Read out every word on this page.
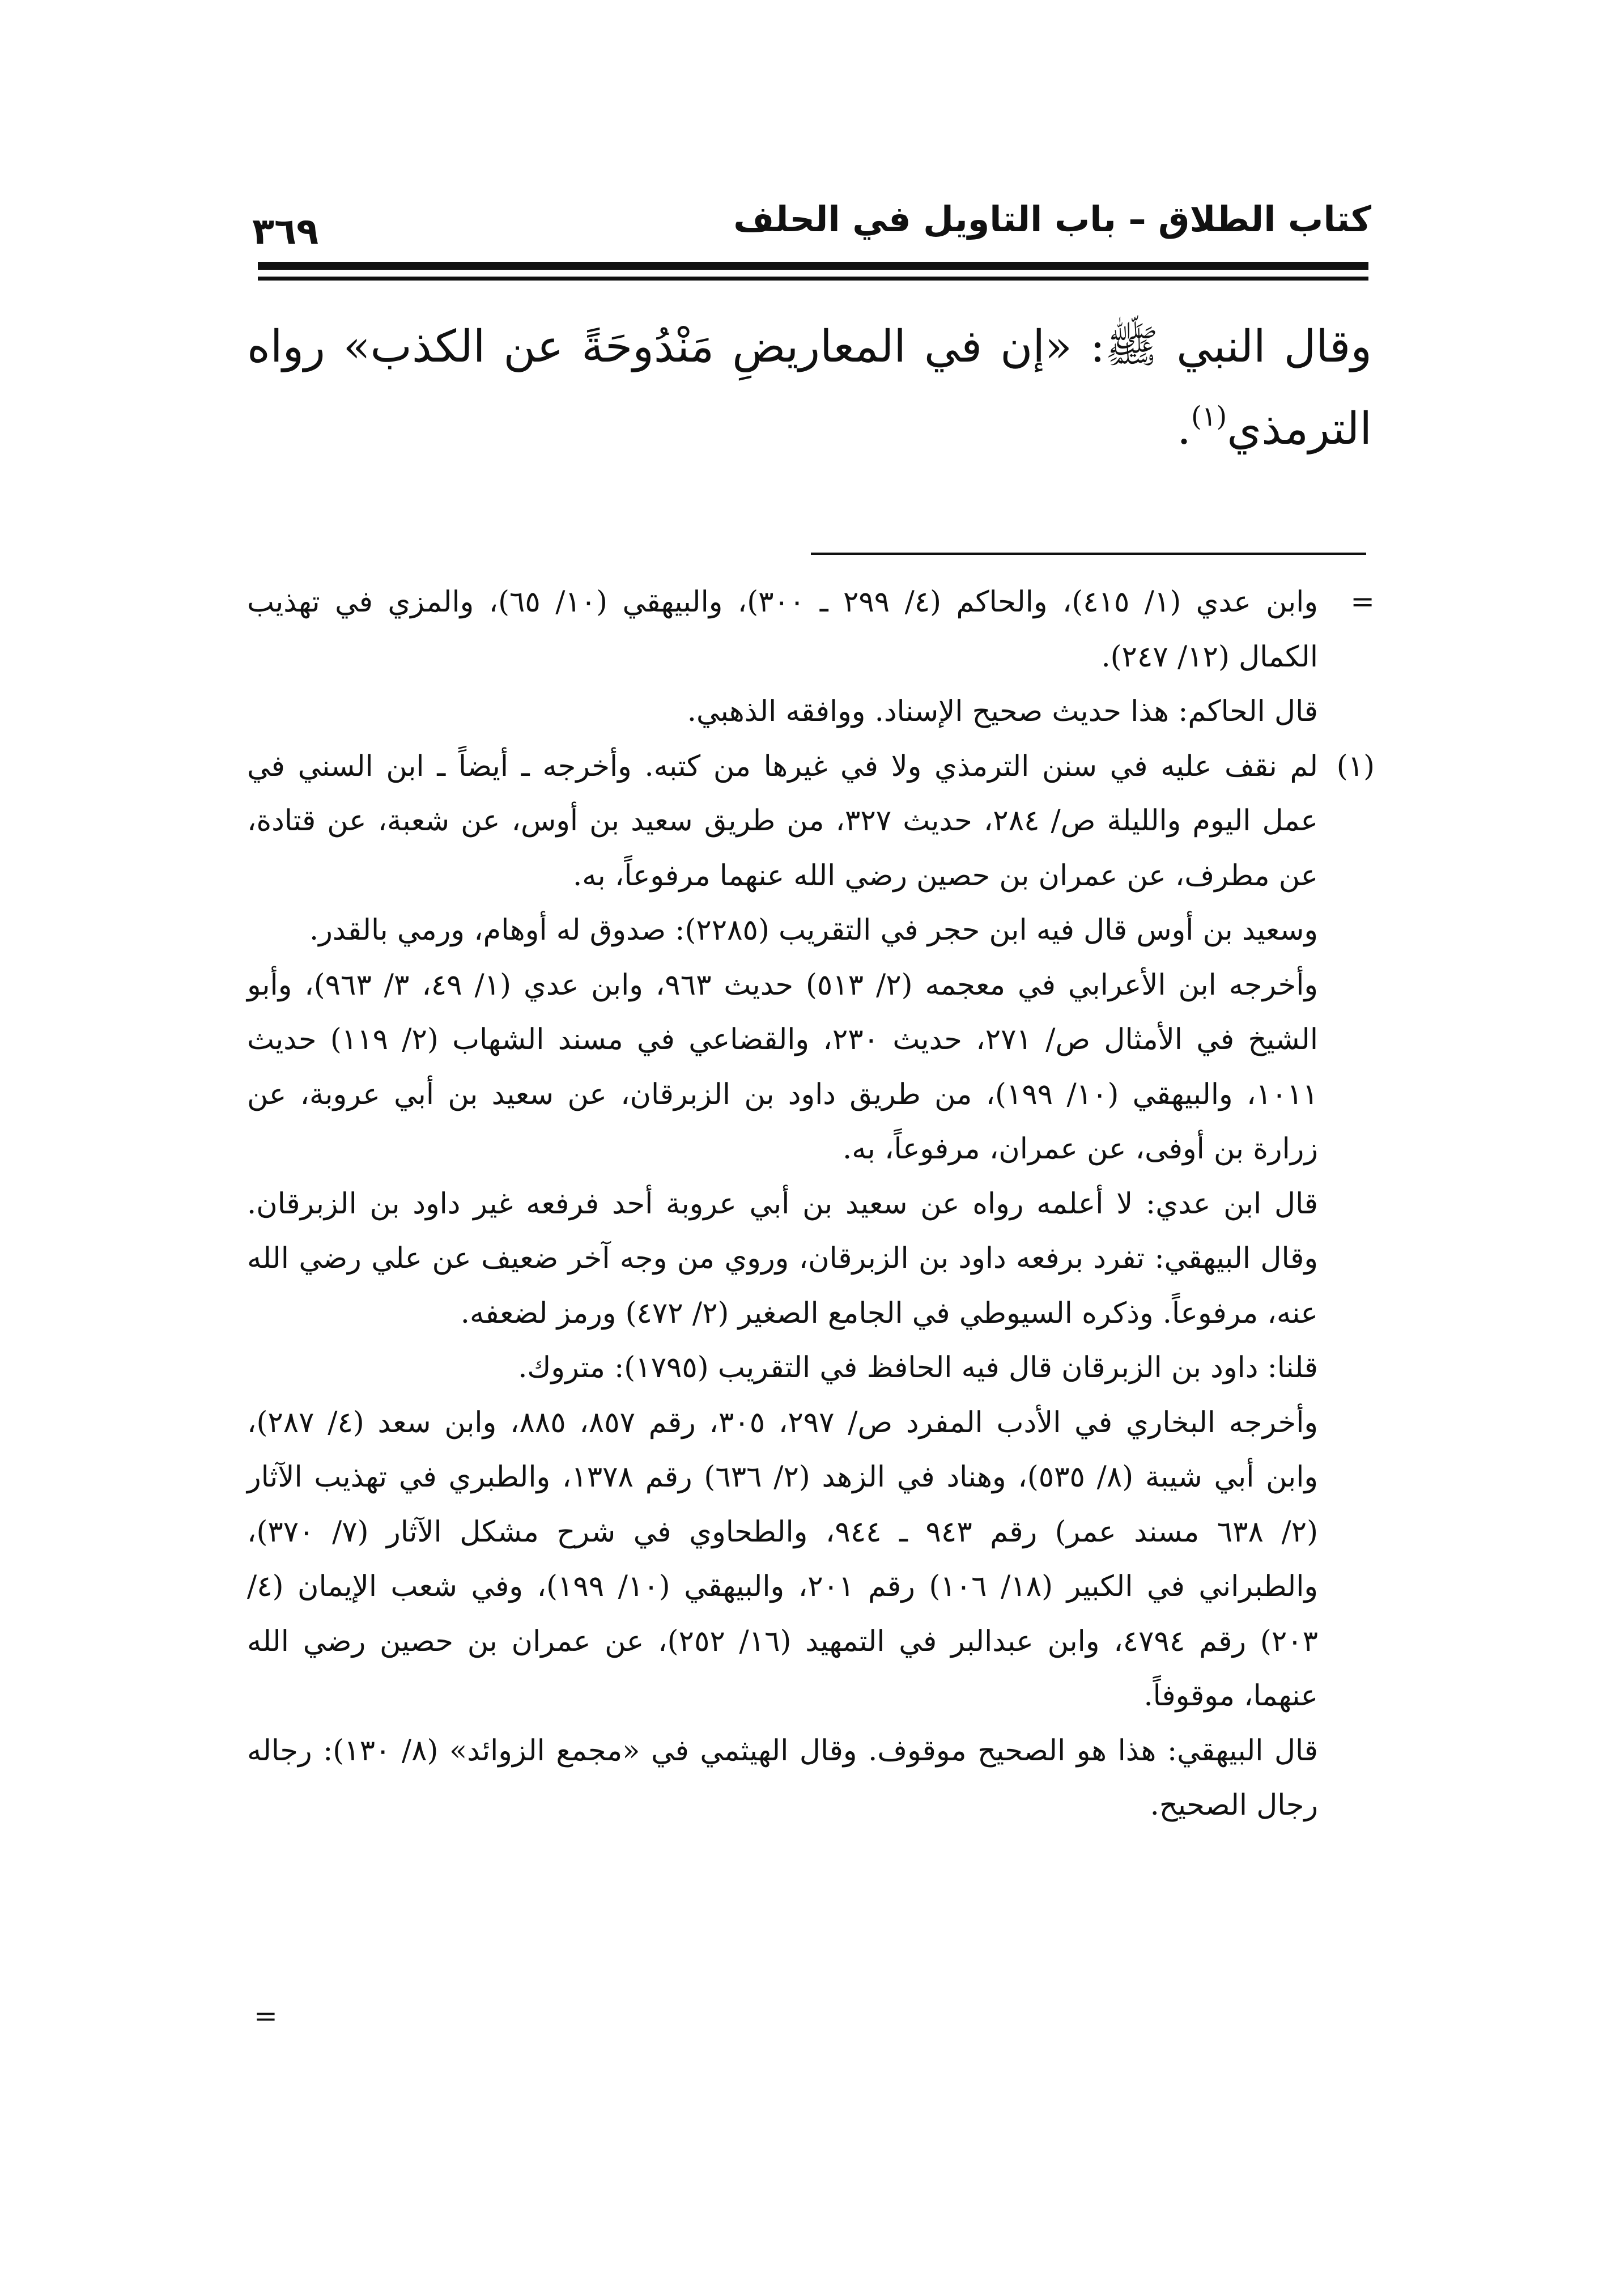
كتاب الطلاق – باب التاويل في الحلف
٣٦٩
وقال النبي ﷺ: «إن في المعاريضِ مَنْدُوحَةً عن الكذب» رواه الترمذي$^{(١)}$.
=

وابن عدي (١/ ٤١٥)، والحاكم (٤/ ٢٩٩ ـ ٣٠٠)، والبيهقي (١٠/ ٦٥)، والمزي في تهذيب الكمال (١٢/ ٢٤٧).

قال الحاكم: هذا حديث صحيح الإسناد. ووافقه الذهبي.

(١)

لم نقف عليه في سنن الترمذي ولا في غيرها من كتبه. وأخرجه ـ أيضاً ـ ابن السني في عمل اليوم والليلة ص/ ٢٨٤، حديث ٣٢٧، من طريق سعيد بن أوس، عن شعبة، عن قتادة، عن مطرف، عن عمران بن حصين رضي الله عنهما مرفوعاً، به.

وسعيد بن أوس قال فيه ابن حجر في التقريب (٢٢٨٥): صدوق له أوهام، ورمي بالقدر.

وأخرجه ابن الأعرابي في معجمه (٢/ ٥١٣) حديث ٩٦٣، وابن عدي (١/ ٤٩، ٣/ ٩٦٣)، وأبو الشيخ في الأمثال ص/ ٢٧١، حديث ٢٣٠، والقضاعي في مسند الشهاب (٢/ ١١٩) حديث ١٠١١، والبيهقي (١٠/ ١٩٩)، من طريق داود بن الزبرقان، عن سعيد بن أبي عروبة، عن زرارة بن أوفى، عن عمران، مرفوعاً، به.

قال ابن عدي: لا أعلمه رواه عن سعيد بن أبي عروبة أحد فرفعه غير داود بن الزبرقان. وقال البيهقي: تفرد برفعه داود بن الزبرقان، وروي من وجه آخر ضعيف عن علي رضي الله عنه، مرفوعاً. وذكره السيوطي في الجامع الصغير (٢/ ٤٧٢) ورمز لضعفه.

قلنا: داود بن الزبرقان قال فيه الحافظ في التقريب (١٧٩٥): متروك.

وأخرجه البخاري في الأدب المفرد ص/ ٢٩٧، ٣٠٥، رقم ٨٥٧، ٨٨٥، وابن سعد (٤/ ٢٨٧)، وابن أبي شيبة (٨/ ٥٣٥)، وهناد في الزهد (٢/ ٦٣٦) رقم ١٣٧٨، والطبري في تهذيب الآثار (٢/ ٦٣٨ مسند عمر) رقم ٩٤٣ ـ ٩٤٤، والطحاوي في شرح مشكل الآثار (٧/ ٣٧٠)، والطبراني في الكبير (١٨/ ١٠٦) رقم ٢٠١، والبيهقي (١٠/ ١٩٩)، وفي شعب الإيمان (٤/ ٢٠٣) رقم ٤٧٩٤، وابن عبدالبر في التمهيد (١٦/ ٢٥٢)، عن عمران بن حصين رضي الله عنهما، موقوفاً.

قال البيهقي: هذا هو الصحيح موقوف. وقال الهيثمي في «مجمع الزوائد» (٨/ ١٣٠): رجاله رجال الصحيح.

=
